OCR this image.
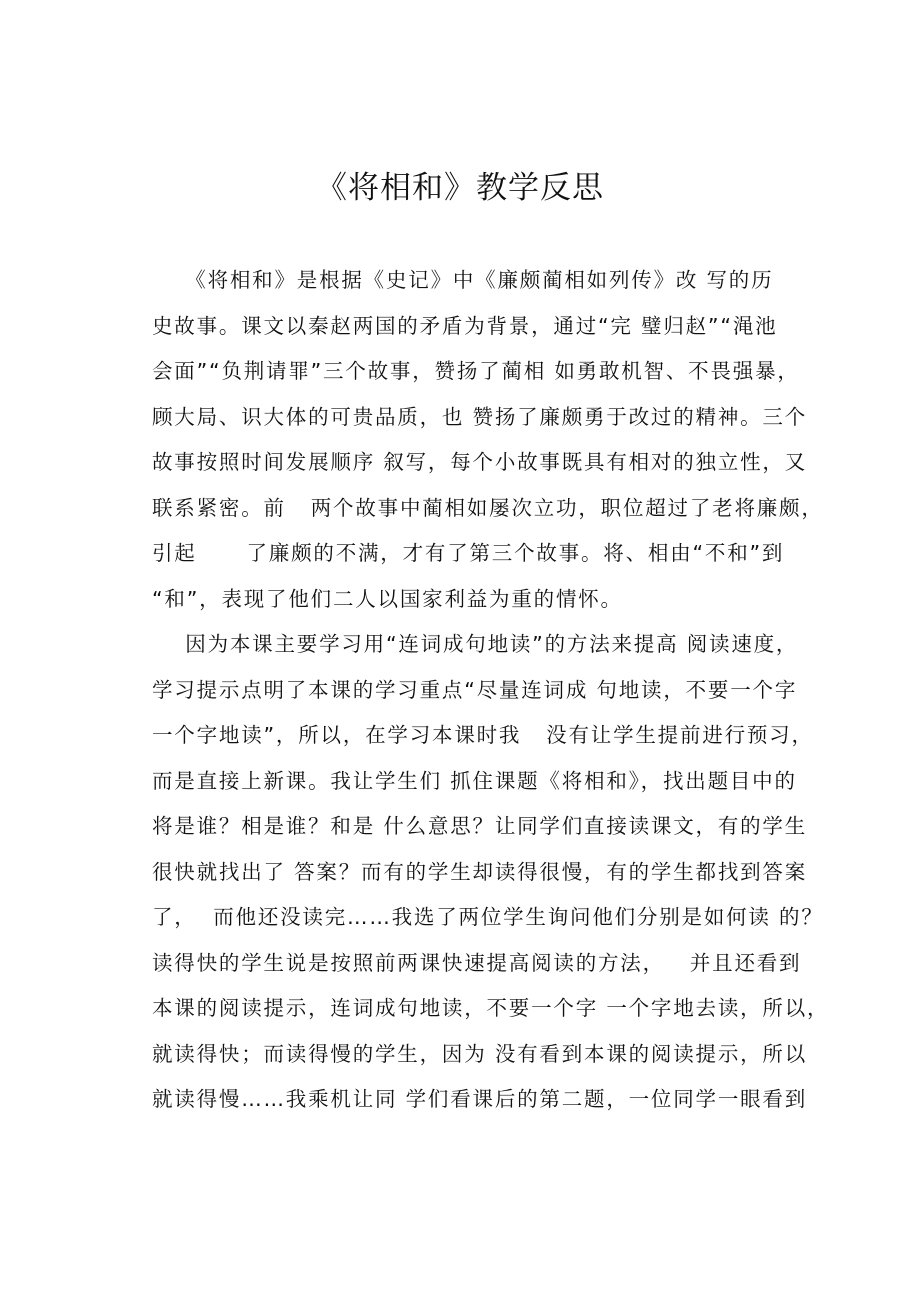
《将相和》教学反思
《将相和》是根据《史记》中《廉颇蔺相如列传》改 写的历
史故事。课文以秦赵两国的矛盾为背景，通过“完 璧归赵”“渑池
会面”“负荆请罪”三个故事，赞扬了蔺相 如勇敢机智、不畏强暴，
顾大局、识大体的可贵品质，也 赞扬了廉颇勇于改过的精神。三个
故事按照时间发展顺序 叙写，每个小故事既具有相对的独立性，又
联系紧密。前   两个故事中蔺相如屡次立功，职位超过了老将廉颇，
引起      了廉颇的不满，才有了第三个故事。将、相由“不和”到
“和”，表现了他们二人以国家利益为重的情怀。
因为本课主要学习用“连词成句地读”的方法来提高 阅读速度，
学习提示点明了本课的学习重点“尽量连词成 句地读，不要一个字
一个字地读”，所以，在学习本课时我   没有让学生提前进行预习，
而是直接上新课。我让学生们 抓住课题《将相和》，找出题目中的
将是谁？相是谁？和是 什么意思？让同学们直接读课文，有的学生
很快就找出了 答案？而有的学生却读得很慢，有的学生都找到答案
了，  而他还没读完……我选了两位学生询问他们分别是如何读 的？
读得快的学生说是按照前两课快速提高阅读的方法，   并且还看到
本课的阅读提示，连词成句地读，不要一个字 一个字地去读，所以，
就读得快；而读得慢的学生，因为 没有看到本课的阅读提示，所以
就读得慢……我乘机让同 学们看课后的第二题，一位同学一眼看到
